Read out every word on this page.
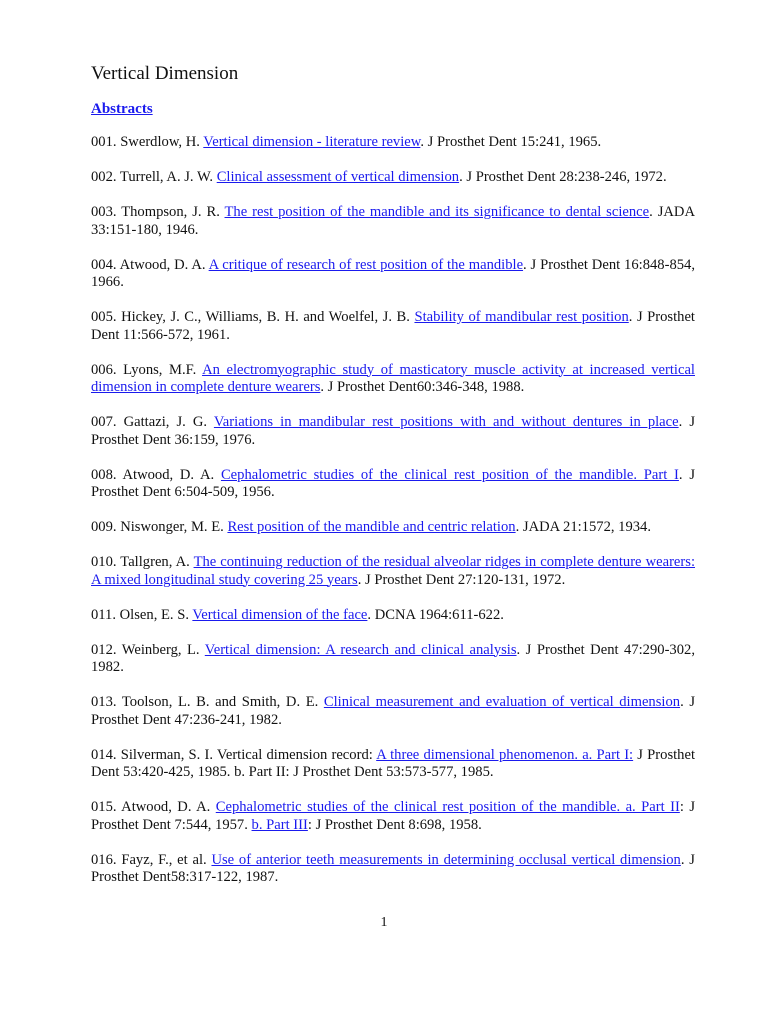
Vertical Dimension
Abstracts
001. Swerdlow, H. Vertical dimension - literature review. J Prosthet Dent 15:241, 1965.
002. Turrell, A. J. W. Clinical assessment of vertical dimension. J Prosthet Dent 28:238-246, 1972.
003. Thompson, J. R. The rest position of the mandible and its significance to dental science. JADA 33:151-180, 1946.
004. Atwood, D. A. A critique of research of rest position of the mandible. J Prosthet Dent 16:848-854, 1966.
005. Hickey, J. C., Williams, B. H. and Woelfel, J. B. Stability of mandibular rest position. J Prosthet Dent 11:566-572, 1961.
006. Lyons, M.F. An electromyographic study of masticatory muscle activity at increased vertical dimension in complete denture wearers. J Prosthet Dent60:346-348, 1988.
007. Gattazi, J. G. Variations in mandibular rest positions with and without dentures in place. J Prosthet Dent 36:159, 1976.
008. Atwood, D. A. Cephalometric studies of the clinical rest position of the mandible. Part I. J Prosthet Dent 6:504-509, 1956.
009. Niswonger, M. E. Rest position of the mandible and centric relation. JADA 21:1572, 1934.
010. Tallgren, A. The continuing reduction of the residual alveolar ridges in complete denture wearers: A mixed longitudinal study covering 25 years. J Prosthet Dent 27:120-131, 1972.
011. Olsen, E. S. Vertical dimension of the face. DCNA 1964:611-622.
012. Weinberg, L. Vertical dimension: A research and clinical analysis. J Prosthet Dent 47:290-302, 1982.
013. Toolson, L. B. and Smith, D. E. Clinical measurement and evaluation of vertical dimension. J Prosthet Dent 47:236-241, 1982.
014. Silverman, S. I. Vertical dimension record: A three dimensional phenomenon. a. Part I: J Prosthet Dent 53:420-425, 1985. b. Part II: J Prosthet Dent 53:573-577, 1985.
015. Atwood, D. A. Cephalometric studies of the clinical rest position of the mandible. a. Part II: J Prosthet Dent 7:544, 1957. b. Part III: J Prosthet Dent 8:698, 1958.
016. Fayz, F., et al. Use of anterior teeth measurements in determining occlusal vertical dimension. J Prosthet Dent58:317-122, 1987.
1
